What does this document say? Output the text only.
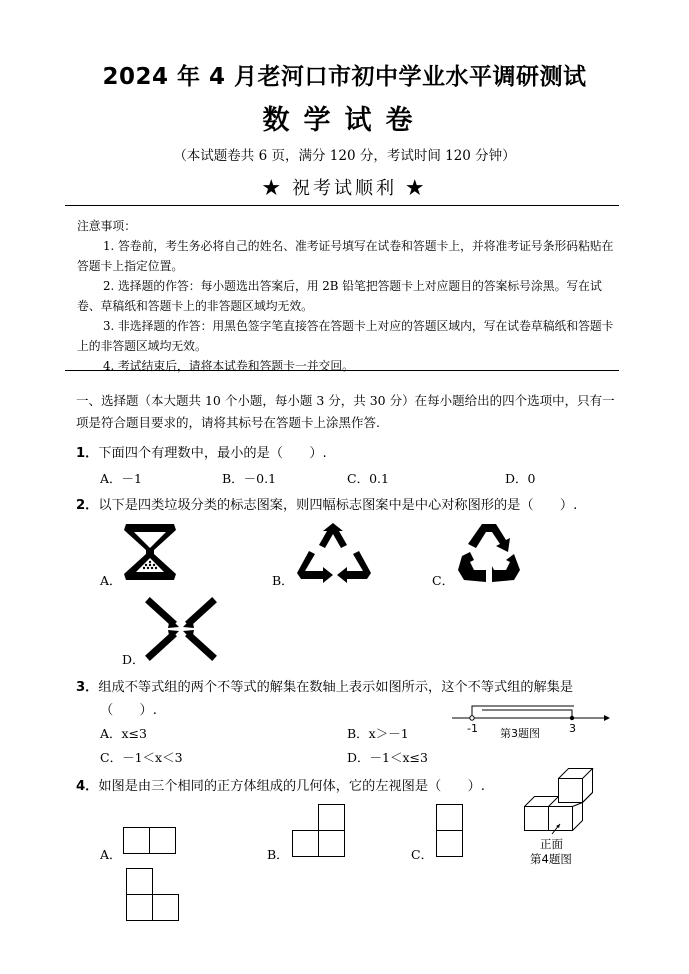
2024 年 4 月老河口市初中学业水平调研测试
数学试卷
（本试题卷共 6 页，满分 120 分，考试时间 120 分钟）
★ 祝考试顺利 ★

注意事项：

1. 答卷前，考生务必将自己的姓名、准考证号填写在试卷和答题卡上，并将准考证号条形码粘贴在答题卡上指定位置。

2. 选择题的作答：每小题选出答案后，用 2B 铅笔把答题卡上对应题目的答案标号涂黑。写在试卷、草稿纸和答题卡上的非答题区域均无效。

3. 非选择题的作答：用黑色签字笔直接答在答题卡上对应的答题区域内，写在试卷草稿纸和答题卡上的非答题区域均无效。

4. 考试结束后，请将本试卷和答题卡一并交回。

一、选择题（本大题共 10 个小题，每小题 3 分，共 30 分）在每小题给出的四个选项中，只有一项是符合题目要求的，请将其标号在答题卡上涂黑作答.

1．下面四个有理数中，最小的是（　　）.
A．－1	B．－0.1	C．0.1	D．0
2．以下是四类垃圾分类的标志图案，则四幅标志图案中是中心对称图形的是（　　）.
A．	B．	C．
D．
3．组成不等式组的两个不等式的解集在数轴上表示如图所示，这个不等式组的解集是
（　　）.
A．x≤3	B．x＞－1
C．－1＜x＜3	D．－1＜x≤3
-1	3
第3题图
4．如图是由三个相同的正方体组成的几何体，它的左视图是（　　）.
A．	B．	C．
正面
第4题图
